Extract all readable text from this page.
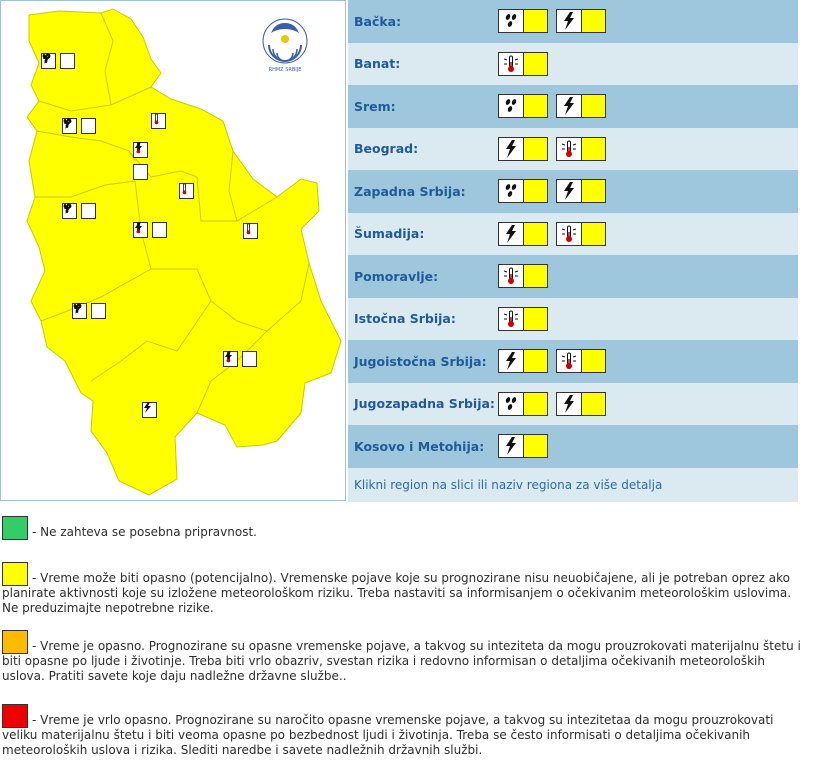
RHMZ SRBIJE
Bačka:
Banat:
Srem:
Beograd:
Zapadna Srbija:
Šumadija:
Pomoravlje:
Istočna Srbija:
Jugoistočna Srbija:
Jugozapadna Srbija:
Kosovo i Metohija:
Klikni region na slici ili naziv regiona za više detalja
- Ne zahteva se posebna pripravnost.
- Vreme može biti opasno (potencijalno). Vremenske pojave koje su prognozirane nisu neuobičajene, ali je potreban oprez ako planirate aktivnosti koje su izložene meteorološkom riziku. Treba nastaviti sa informisanjem o očekivanim meteorološkim uslovima. Ne preduzimajte nepotrebne rizike.
- Vreme je opasno. Prognozirane su opasne vremenske pojave, a takvog su inteziteta da mogu prouzrokovati materijalnu štetu i biti opasne po ljude i životinje. Treba biti vrlo obazriv, svestan rizika i redovno informisan o detaljima očekivanih meteoroloških uslova. Pratiti savete koje daju nadležne državne službe..
- Vreme je vrlo opasno. Prognozirane su naročito opasne vremenske pojave, a takvog su intezitetaa da mogu prouzrokovati veliku materijalnu štetu i biti veoma opasne po bezbednost ljudi i životinja. Treba se često informisati o detaljima očekivanih meteoroloških uslova i rizika. Slediti naredbe i savete nadležnih državnih službi.
